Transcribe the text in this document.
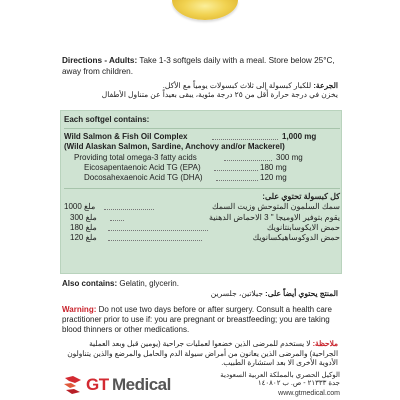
Directions - Adults: Take 1-3 softgels daily with a meal. Store below 25°C, away from children.
الجرعة: للكبار كبسولة إلى ثلاث كبسولات يومياً مع الأكل.
يخزن في درجة حرارة أقل من ٢٥ درجة مئوية، يبقى بعيداً عن متناول الأطفال
Each softgel contains:
Wild Salmon & Fish Oil Complex	1,000 mg
(Wild Alaskan Salmon, Sardine, Anchovy and/or Mackerel)
Providing total omega-3 fatty acids	300 mg
Eicosapentaenoic Acid TG (EPA)	180 mg
Docosahexaenoic Acid TG (DHA)	120 mg
كل كبسولة تحتوي على:
1000 ملغ	سمك السلمون المتوحش وزيت السمك
300 ملغ	يقوم بتوفير الاوميجا " 3 الاحماض الدهنية
180 ملغ	حمض الايكوسابنتانويك
120 ملغ	حمض الدوكوساهيكسانويك
Also contains: Gelatin, glycerin.
المنتج يحتوي أيضاً على: جيلاتين، جلسرين
Warning: Do not use two days before or after surgery. Consult a health care practitioner prior to use if: you are pregnant or breastfeeding; you are taking blood thinners or other medications.
ملاحظة: لا يستخدم للمرضى الذين خضعوا لعمليات جراحية (يومين قبل وبعد العملية الجراحية) والمرضى الذين يعانون من أمراض سيولة الدم والحامل والمرضع والذين يتناولون الأدوية الأخرى الا بعد استشارة الطبيب.
GT Medical	الوكيل الحصري بالمملكة العربية السعودية
جدة ٢١٣٣٣ - ص. ب ١٤٠٨٠٢
www.gtmedical.com
